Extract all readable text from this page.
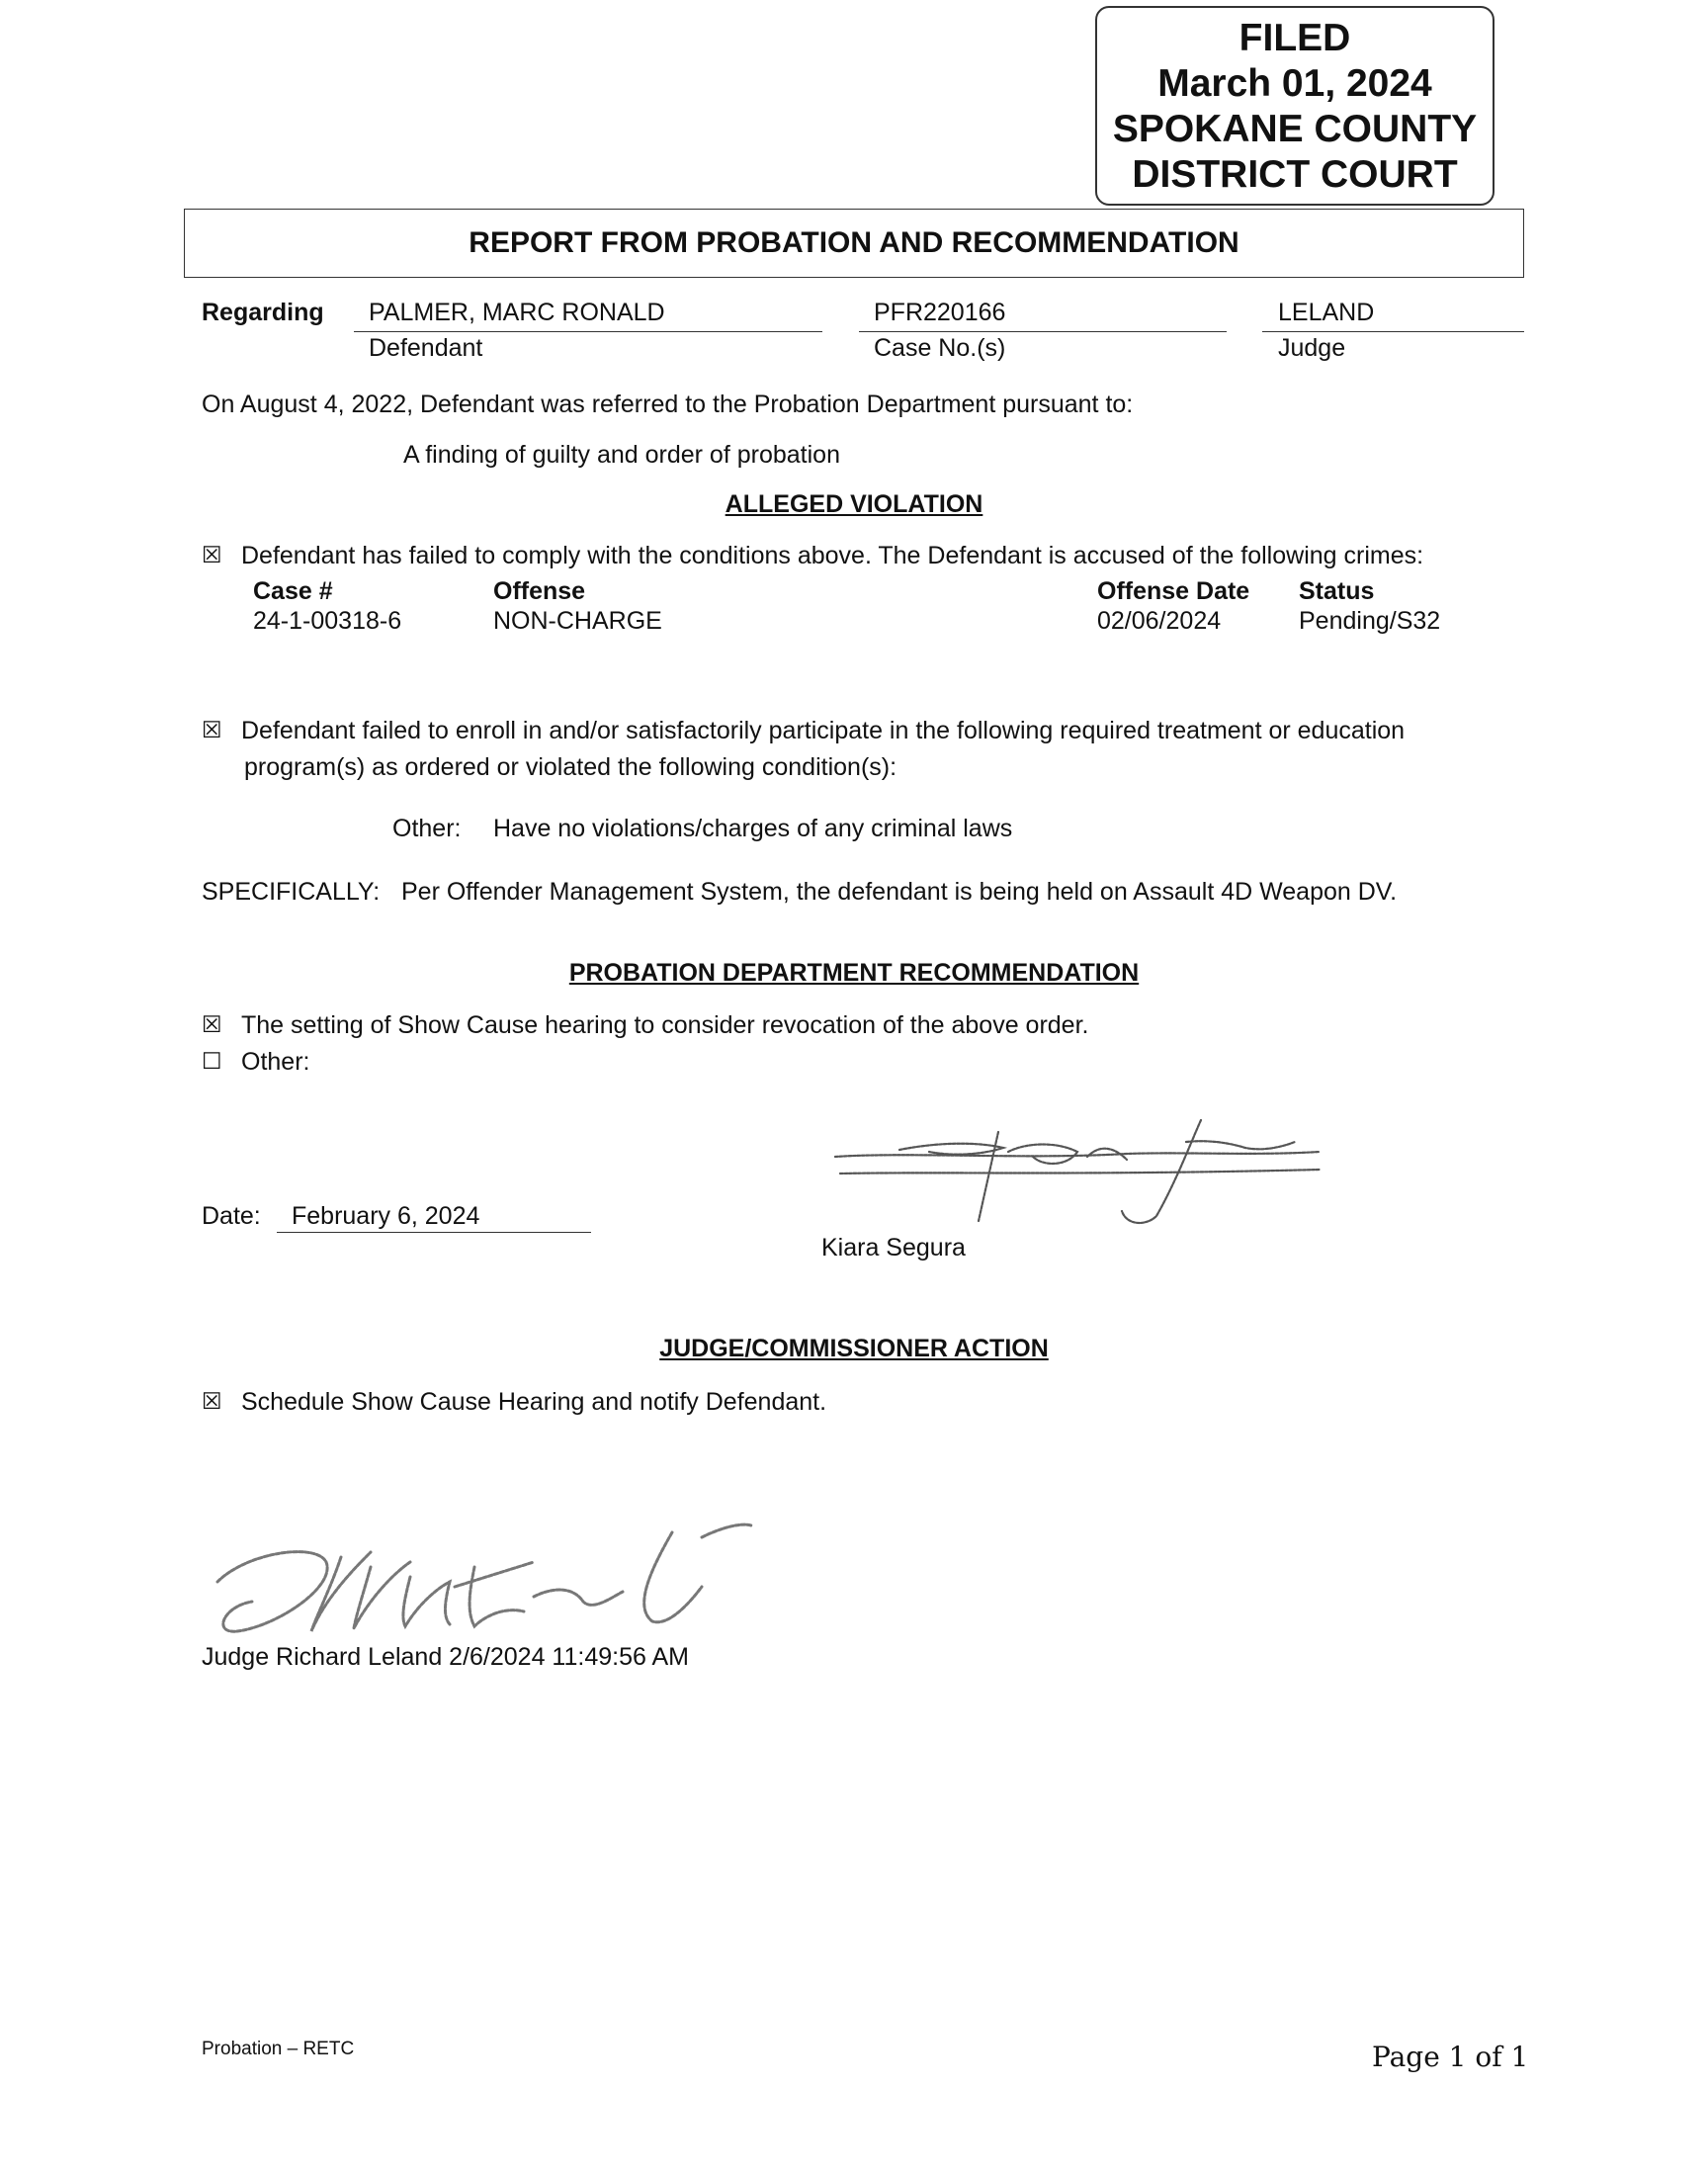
FILED
March 01, 2024
SPOKANE COUNTY
DISTRICT COURT
REPORT FROM PROBATION AND RECOMMENDATION
Regarding PALMER, MARC RONALD
Defendant
PFR220166
Case No.(s)
LELAND
Judge
On August 4, 2022, Defendant was referred to the Probation Department pursuant to:
A finding of guilty and order of probation
ALLEGED VIOLATION
☒ Defendant has failed to comply with the conditions above. The Defendant is accused of the following crimes:
Case #	Offense	Offense Date Status
24-1-00318-6	NON-CHARGE	02/06/2024	Pending/S32
☒ Defendant failed to enroll in and/or satisfactorily participate in the following required treatment or education
program(s) as ordered or violated the following condition(s):
Other: Have no violations/charges of any criminal laws
SPECIFICALLY: Per Offender Management System, the defendant is being held on Assault 4D Weapon DV.
PROBATION DEPARTMENT RECOMMENDATION
☒ The setting of Show Cause hearing to consider revocation of the above order.
☐ Other:
Date: February 6, 2024
Kiara Segura
JUDGE/COMMISSIONER ACTION
☒ Schedule Show Cause Hearing and notify Defendant.
Judge Richard Leland 2/6/2024 11:49:56 AM
Probation – RETC	Page 1 of 1
